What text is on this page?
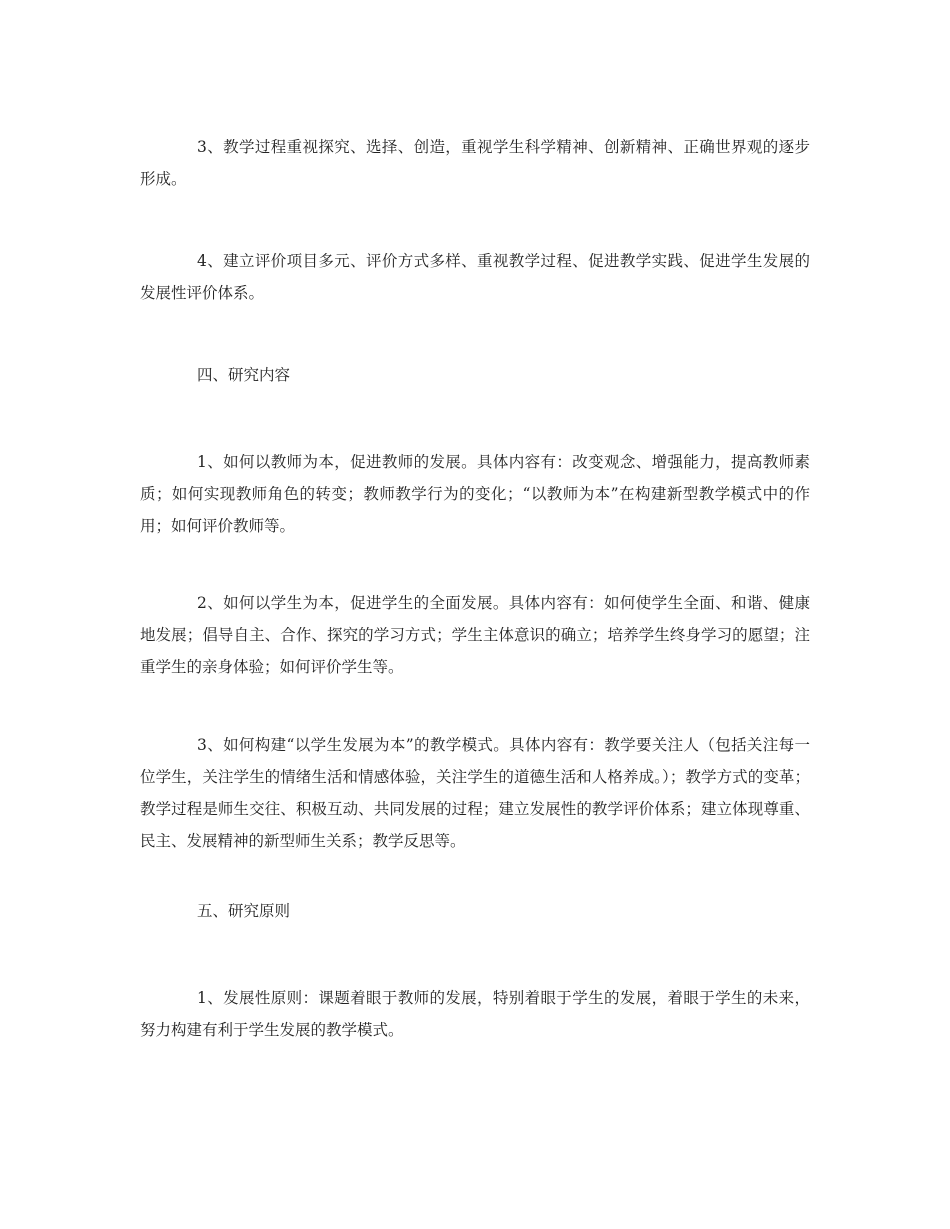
3、教学过程重视探究、选择、创造，重视学生科学精神、创新精神、正确世界观的逐步形成。

4、建立评价项目多元、评价方式多样、重视教学过程、促进教学实践、促进学生发展的发展性评价体系。

四、研究内容

1、如何以教师为本，促进教师的发展。具体内容有：改变观念、增强能力，提高教师素质；如何实现教师角色的转变；教师教学行为的变化；“以教师为本”在构建新型教学模式中的作用；如何评价教师等。

2、如何以学生为本，促进学生的全面发展。具体内容有：如何使学生全面、和谐、健康地发展；倡导自主、合作、探究的学习方式；学生主体意识的确立；培养学生终身学习的愿望；注重学生的亲身体验；如何评价学生等。

3、如何构建“以学生发展为本”的教学模式。具体内容有：教学要关注人（包括关注每一位学生，关注学生的情绪生活和情感体验，关注学生的道德生活和人格养成。）；教学方式的变革；教学过程是师生交往、积极互动、共同发展的过程；建立发展性的教学评价体系；建立体现尊重、民主、发展精神的新型师生关系；教学反思等。

五、研究原则

1、发展性原则：课题着眼于教师的发展，特别着眼于学生的发展，着眼于学生的未来，努力构建有利于学生发展的教学模式。
